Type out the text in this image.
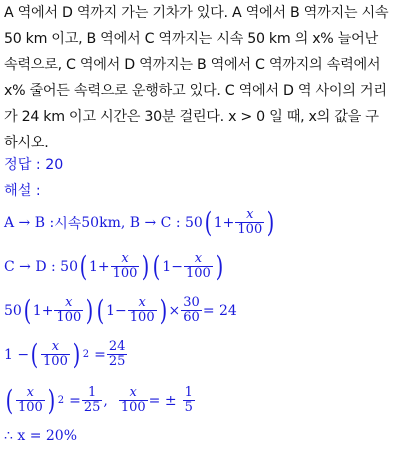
A 역에서 D 역까지 가는 기차가 있다. A 역에서 B 역까지는 시속
50 km 이고, B 역에서 C 역까지는 시속 50 km 의 x% 늘어난
속력으로, C 역에서 D 역까지는 B 역에서 C 역까지의 속력에서
x% 줄어든 속력으로 운행하고 있다. C 역에서 D 역 사이의 거리
가 24 km 이고 시간은 30분 걸린다. x > 0 일 때, x의 값을 구
하시오.
정답 : 20
해설 :
A → B : 시속 50km, B → C : 50 ( $1 + \frac{x}{100}$ )
C → D : 50 ( $1 + \frac{x}{100}$ ) ( $1 - \frac{x}{100}$ )
50 ( $1 + \frac{x}{100}$ ) ( $1 - \frac{x}{100}$ ) × $\frac{30}{60} = 24$
1 − ( $\frac{x}{100}$ ) $2 = \frac{24}{25}$
( $\frac{x}{100}$ ) $2 = \frac{1}{25}$ , $\frac{x}{100}$ = ± $\frac{1}{5}$
∴ x = 20%
